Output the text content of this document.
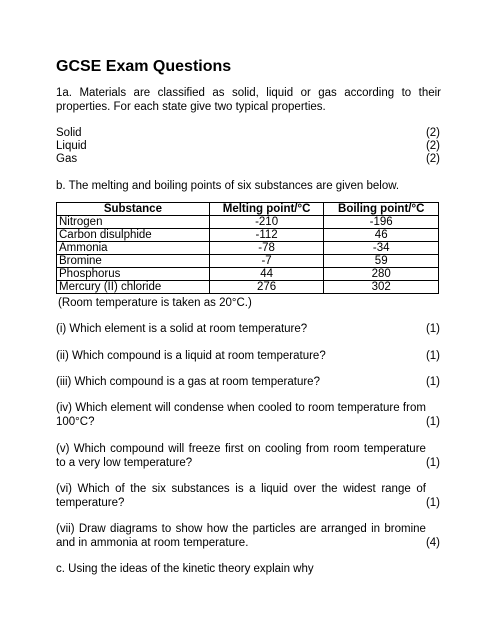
GCSE Exam Questions
1a. Materials are classified as solid, liquid or gas according to their properties. For each state give two typical properties.
Solid	(2)
Liquid	(2)
Gas	(2)
b. The melting and boiling points of six substances are given below.
Substance	Melting point/°C	Boiling point/°C
Nitrogen	-210	-196
Carbon disulphide	-112	46
Ammonia	-78	-34
Bromine	-7	59
Phosphorus	44	280
Mercury (II) chloride	276	302
(Room temperature is taken as 20°C.)
(1)
(i) Which element is a solid at room temperature?
(1)
(ii) Which compound is a liquid at room temperature?
(1)
(iii) Which compound is a gas at room temperature?
(1)
(iv) Which element will condense when cooled to room temperature from 100°C?
(1)
(v) Which compound will freeze first on cooling from room temperature to a very low temperature?
(1)
(vi) Which of the six substances is a liquid over the widest range of temperature?
(4)
(vii) Draw diagrams to show how the particles are arranged in bromine and in ammonia at room temperature.
c. Using the ideas of the kinetic theory explain why
